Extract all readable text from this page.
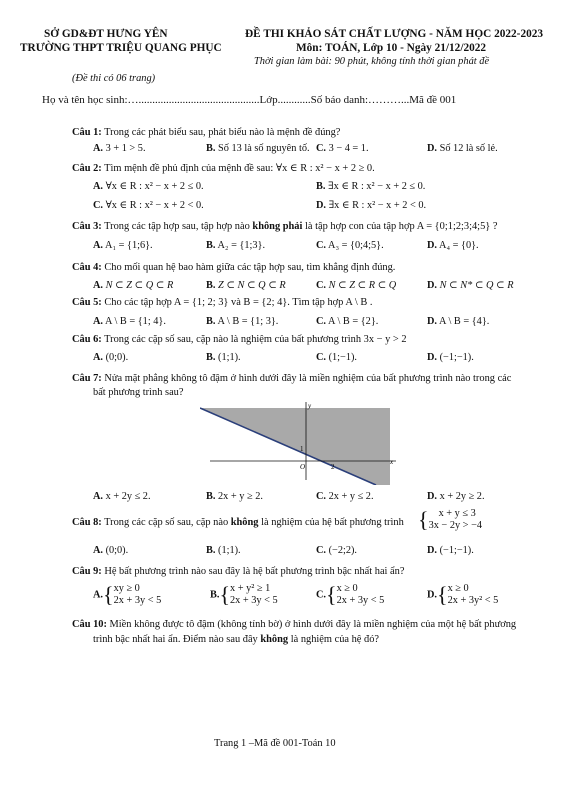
SỞ GD&ĐT HƯNG YÊN
TRƯỜNG THPT TRIỆU QUANG PHỤC
ĐỀ THI KHẢO SÁT CHẤT LƯỢNG - NĂM HỌC 2022-2023
Môn: TOÁN, Lớp 10 - Ngày 21/12/2022
Thời gian làm bài: 90 phút, không tính thời gian phát đề
(Đề thi có 06 trang)
Họ và tên học sinh:…............................................Lớp............Số báo danh:………...Mã đề 001
Câu 1: Trong các phát biểu sau, phát biểu nào là mệnh đề đúng?
A. 3 + 1 > 5.	B. Số 13 là số nguyên tố. C. 3 − 4 = 1.	D. Số 12 là số lẻ.
Câu 2: Tìm mệnh đề phủ định của mệnh đề sau: ∀x ∈ R : x² − x + 2 ≥ 0.
A. ∀x ∈ R : x² − x + 2 ≤ 0.	B. ∃x ∈ R : x² − x + 2 ≤ 0.
C. ∀x ∈ R : x² − x + 2 < 0.	D. ∃x ∈ R : x² − x + 2 < 0.
Câu 3: Trong các tập hợp sau, tập hợp nào không phải là tập hợp con của tập hợp A = {0;1;2;3;4;5} ?
A. A₁ = {1;6}.	B. A₂ = {1;3}.	C. A₃ = {0;4;5}.	D. A₄ = {0}.
Câu 4: Cho mối quan hệ bao hàm giữa các tập hợp sau, tìm khẳng định đúng.
A. N ⊂ Z ⊂ Q ⊂ R	B. Z ⊂ N ⊂ Q ⊂ R	C. N ⊂ Z ⊂ R ⊂ Q	D. N ⊂ N* ⊂ Q ⊂ R
Câu 5: Cho các tập hợp A = {1; 2; 3} và B = {2; 4}. Tìm tập hợp A \ B .
A. A \ B = {1; 4}.	B. A \ B = {1; 3}.	C. A \ B = {2}.	D. A \ B = {4}.
Câu 6: Trong các cặp số sau, cặp nào là nghiệm của bất phương trình 3x − y > 2
A. (0;0).	B. (1;1).	C. (1;−1).	D. (−1;−1).
Câu 7: Nửa mặt phẳng không tô đậm ở hình dưới đây là miền nghiệm của bất phương trình nào trong các
bất phương trình sau?
y
x
O	2
1
A. x + 2y ≤ 2.	B. 2x + y ≥ 2.	C. 2x + y ≤ 2.	D. x + 2y ≥ 2.
Câu 8: Trong các cặp số sau, cặp nào không là nghiệm của hệ bất phương trình { x + y ≤ 3
3x − 2y > −4
A. (0;0).	B. (1;1).	C. (−2;2).	D. (−1;−1).
Câu 9: Hệ bất phương trình nào sau đây là hệ bất phương trình bậc nhất hai ẩn?
A.{ xy ≥ 0
2x + 3y < 5	B.{ x + y² ≥ 1
2x + 3y < 5	C.{ x ≥ 0
2x + 3y < 5	D.{ x ≥ 0
2x + 3y² < 5
Câu 10: Miền không được tô đậm (không tính bờ) ở hình dưới đây là miền nghiệm của một hệ bất phương
trình bậc nhất hai ẩn. Điểm nào sau đây không là nghiệm của hệ đó?
Trang 1 –Mã đề 001-Toán 10
